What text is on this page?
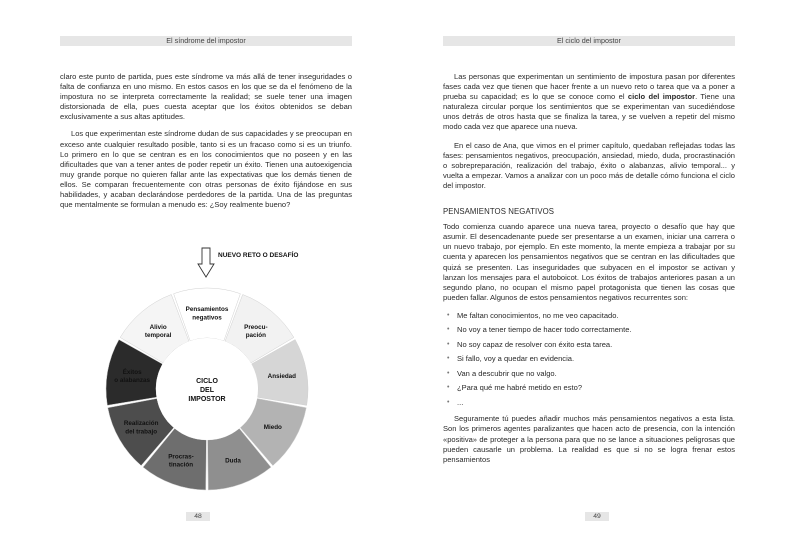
El síndrome del impostor

claro este punto de partida, pues este síndrome va más allá de tener inseguridades o falta de confianza en uno mismo. En estos casos en los que se da el fenómeno de la impostura no se interpreta correctamente la realidad; se suele tener una imagen distorsionada de ella, pues cuesta aceptar que los éxitos obtenidos se deban exclusivamente a sus altas aptitudes.

Los que experimentan este síndrome dudan de sus capacidades y se preocupan en exceso ante cualquier resultado posible, tanto si es un fracaso como si es un triunfo. Lo primero en lo que se centran es en los conocimientos que no poseen y en las dificultades que van a tener antes de poder repetir un éxito. Tienen una autoexigencia muy grande porque no quieren fallar ante las expectativas que los demás tienen de ellos. Se comparan frecuentemente con otras personas de éxito fijándose en sus habilidades, y acaban declarándose perdedores de la partida. Una de las preguntas que mentalmente se formulan a menudo es: ¿Soy realmente bueno?

NUEVO RETO O DESAFÍO
Pensamientos negativos
Preocu-pación
Ansiedad
Miedo
Duda
Procras-tinación
Realización del trabajo
Éxitos o alabanzas
Alivio temporal
CICLO
DEL
IMPOSTOR
48
El ciclo del impostor

Las personas que experimentan un sentimiento de impostura pasan por diferentes fases cada vez que tienen que hacer frente a un nuevo reto o tarea que va a poner a prueba su capacidad; es lo que se conoce como el ciclo del impostor. Tiene una naturaleza circular porque los sentimientos que se experimentan van sucediéndose unos detrás de otros hasta que se finaliza la tarea, y se vuelven a repetir del mismo modo cada vez que aparece una nueva.

En el caso de Ana, que vimos en el primer capítulo, quedaban reflejadas todas las fases: pensamientos negativos, preocupación, ansiedad, miedo, duda, procrastinación o sobrepreparación, realización del trabajo, éxito o alabanzas, alivio temporal... y vuelta a empezar. Vamos a analizar con un poco más de detalle cómo funciona el ciclo del impostor.

PENSAMIENTOS NEGATIVOS

Todo comienza cuando aparece una nueva tarea, proyecto o desafío que hay que asumir. El desencadenante puede ser presentarse a un examen, iniciar una carrera o un nuevo trabajo, por ejemplo. En este momento, la mente empieza a trabajar por su cuenta y aparecen los pensamientos negativos que se centran en las dificultades que quizá se presenten. Las inseguridades que subyacen en el impostor se activan y lanzan los mensajes para el autoboicot. Los éxitos de trabajos anteriores pasan a un segundo plano, no ocupan el mismo papel protagonista que tienen las cosas que pueden fallar. Algunos de estos pensamientos negativos recurrentes son:

• Me faltan conocimientos, no me veo capacitado.
• No voy a tener tiempo de hacer todo correctamente.
• No soy capaz de resolver con éxito esta tarea.
• Si fallo, voy a quedar en evidencia.
• Van a descubrir que no valgo.
• ¿Para qué me habré metido en esto?
• ...

Seguramente tú puedes añadir muchos más pensamientos negativos a esta lista. Son los primeros agentes paralizantes que hacen acto de presencia, con la intención «positiva» de proteger a la persona para que no se lance a situaciones peligrosas que pueden causarle un problema. La realidad es que si no se logra frenar estos pensamientos

49
